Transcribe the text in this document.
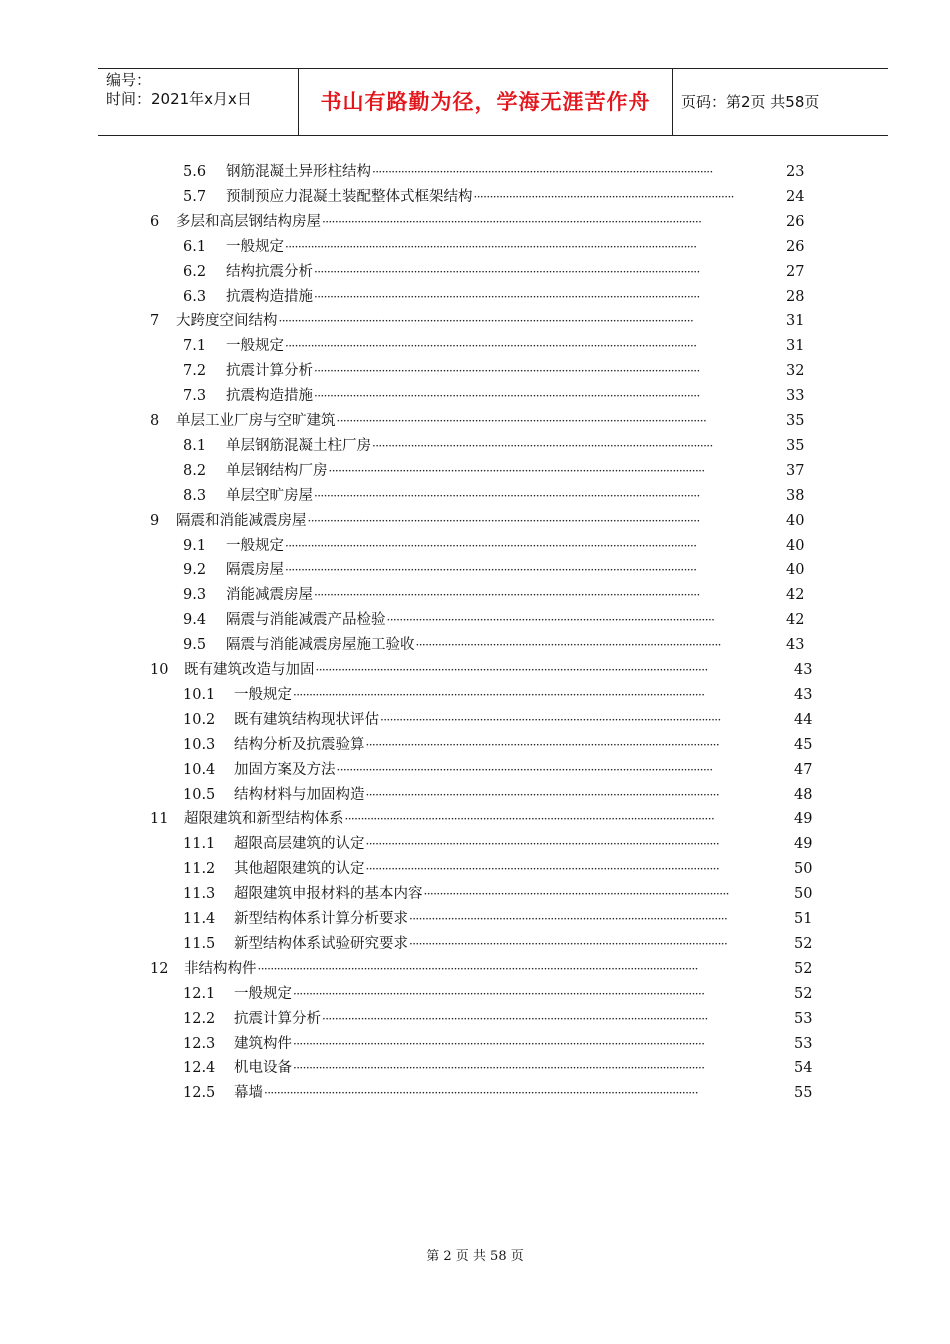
编号：
时间：2021年x月x日	书山有路勤为径，学海无涯苦作舟	页码：第2页 共58页
5.6 钢筋混凝土异形柱结构	23
··········································································································
5.7 预制预应力混凝土装配整体式框架结构	24
·················································································
6 多层和高层钢结构房屋	26
······················································································································
6.1 一般规定	26
································································································································
6.2 结构抗震分析	27
························································································································
6.3 抗震构造措施	28
························································································································
7 大跨度空间结构	31
·································································································································
7.1 一般规定	31
································································································································
7.2 抗震计算分析	32
························································································································
7.3 抗震构造措施	33
························································································································
8 单层工业厂房与空旷建筑	35
···················································································································
8.1 单层钢筋混凝土柱厂房	35
··········································································································
8.2 单层钢结构厂房	37
·····················································································································
8.3 单层空旷房屋	38
························································································································
9 隔震和消能减震房屋	40
··························································································································
9.1 一般规定	40
································································································································
9.2 隔震房屋	40
································································································································
9.3 消能减震房屋	42
························································································································
9.4 隔震与消能减震产品检验	42
······································································································
9.5 隔震与消能减震房屋施工验收	43
·······························································································
10 既有建筑改造与加固	43
··························································································································
10.1 一般规定	43
································································································································
10.2 既有建筑结构现状评估	44
··········································································································
10.3 结构分析及抗震验算	45
··············································································································
10.4 加固方案及方法	47
·····················································································································
10.5 结构材料与加固构造	48
··············································································································
11 超限建筑和新型结构体系	49
···················································································································
11.1 超限高层建筑的认定	49
··············································································································
11.2 其他超限建筑的认定	50
··············································································································
11.3 超限建筑申报材料的基本内容	50
·······························································································
11.4 新型结构体系计算分析要求	51
···································································································
11.5 新型结构体系试验研究要求	52
···································································································
12 非结构构件	52
·········································································································································
12.1 一般规定	52
································································································································
12.2 抗震计算分析	53
························································································································
12.3 建筑构件	53
································································································································
12.4 机电设备	54
································································································································
12.5 幕墙	55
·······································································································································
第 2 页 共 58 页
